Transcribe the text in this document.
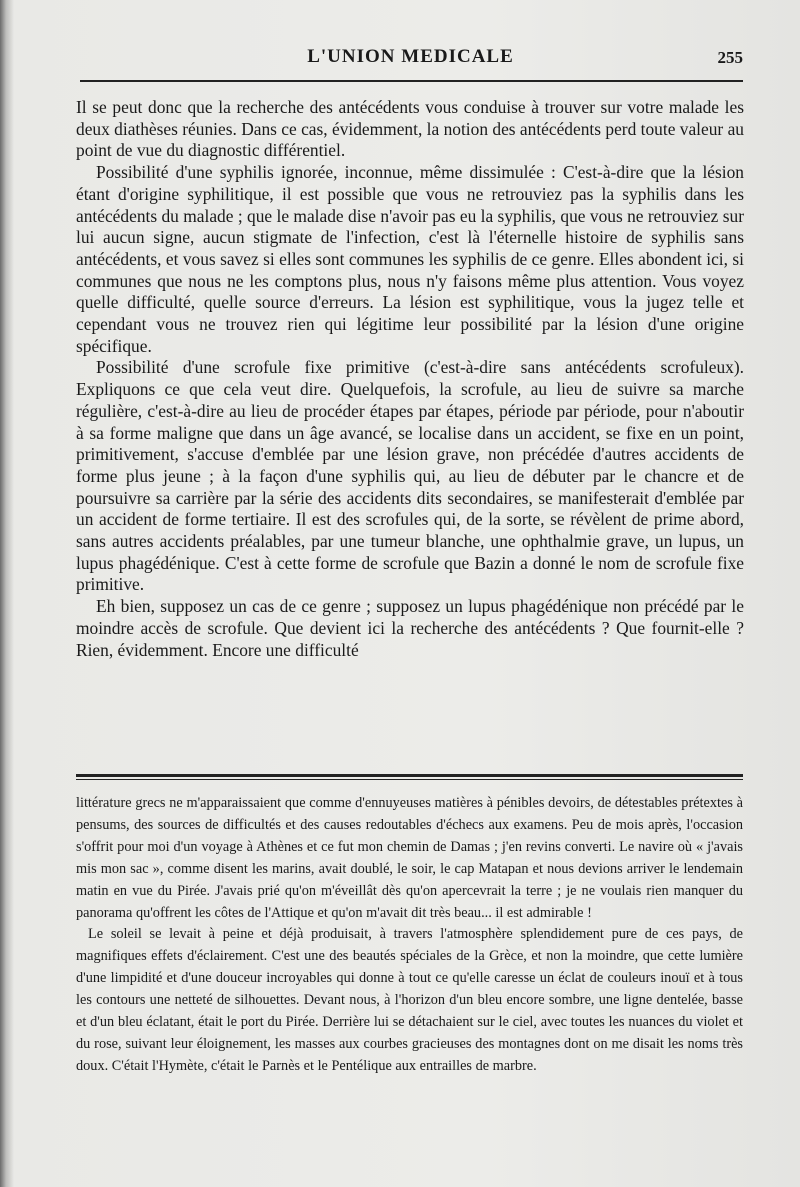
L'UNION MEDICALE	255

Il se peut donc que la recherche des antécédents vous conduise à trouver sur votre malade les deux diathèses réunies. Dans ce cas, évidemment, la notion des antécédents perd toute valeur au point de vue du diagnostic différentiel.

Possibilité d'une syphilis ignorée, inconnue, même dissimulée : C'est-à-dire que la lésion étant d'origine syphilitique, il est possible que vous ne retrouviez pas la syphilis dans les antécédents du malade ; que le malade dise n'avoir pas eu la syphilis, que vous ne retrouviez sur lui aucun signe, aucun stigmate de l'infection, c'est là l'éternelle histoire de syphilis sans antécédents, et vous savez si elles sont communes les syphilis de ce genre. Elles abondent ici, si communes que nous ne les comptons plus, nous n'y faisons même plus attention. Vous voyez quelle difficulté, quelle source d'erreurs. La lésion est syphilitique, vous la jugez telle et cependant vous ne trouvez rien qui légitime leur possibilité par la lésion d'une origine spécifique.

Possibilité d'une scrofule fixe primitive (c'est-à-dire sans antécédents scrofuleux). Expliquons ce que cela veut dire. Quelquefois, la scrofule, au lieu de suivre sa marche régulière, c'est-à-dire au lieu de procéder étapes par étapes, période par période, pour n'aboutir à sa forme maligne que dans un âge avancé, se localise dans un accident, se fixe en un point, primitivement, s'accuse d'emblée par une lésion grave, non précédée d'autres accidents de forme plus jeune ; à la façon d'une syphilis qui, au lieu de débuter par le chancre et de poursuivre sa carrière par la série des accidents dits secondaires, se manifesterait d'emblée par un accident de forme tertiaire. Il est des scrofules qui, de la sorte, se révèlent de prime abord, sans autres accidents préalables, par une tumeur blanche, une ophthalmie grave, un lupus, un lupus phagédénique. C'est à cette forme de scrofule que Bazin a donné le nom de scrofule fixe primitive.

Eh bien, supposez un cas de ce genre ; supposez un lupus phagédénique non précédé par le moindre accès de scrofule. Que devient ici la recherche des antécédents ? Que fournit-elle ? Rien, évidemment. Encore une difficulté

littérature grecs ne m'apparaissaient que comme d'ennuyeuses matières à pénibles devoirs, de détestables prétextes à pensums, des sources de difficultés et des causes redoutables d'échecs aux examens. Peu de mois après, l'occasion s'offrit pour moi d'un voyage à Athènes et ce fut mon chemin de Damas ; j'en revins converti. Le navire où « j'avais mis mon sac », comme disent les marins, avait doublé, le soir, le cap Matapan et nous devions arriver le lendemain matin en vue du Pirée. J'avais prié qu'on m'éveillât dès qu'on apercevrait la terre ; je ne voulais rien manquer du panorama qu'offrent les côtes de l'Attique et qu'on m'avait dit très beau... il est admirable !

Le soleil se levait à peine et déjà produisait, à travers l'atmosphère splendidement pure de ces pays, de magnifiques effets d'éclairement. C'est une des beautés spéciales de la Grèce, et non la moindre, que cette lumière d'une limpidité et d'une douceur incroyables qui donne à tout ce qu'elle caresse un éclat de couleurs inouï et à tous les contours une netteté de silhouettes. Devant nous, à l'horizon d'un bleu encore sombre, une ligne dentelée, basse et d'un bleu éclatant, était le port du Pirée. Derrière lui se détachaient sur le ciel, avec toutes les nuances du violet et du rose, suivant leur éloignement, les masses aux courbes gracieuses des montagnes dont on me disait les noms très doux. C'était l'Hymète, c'était le Parnès et le Pentélique aux entrailles de marbre.
